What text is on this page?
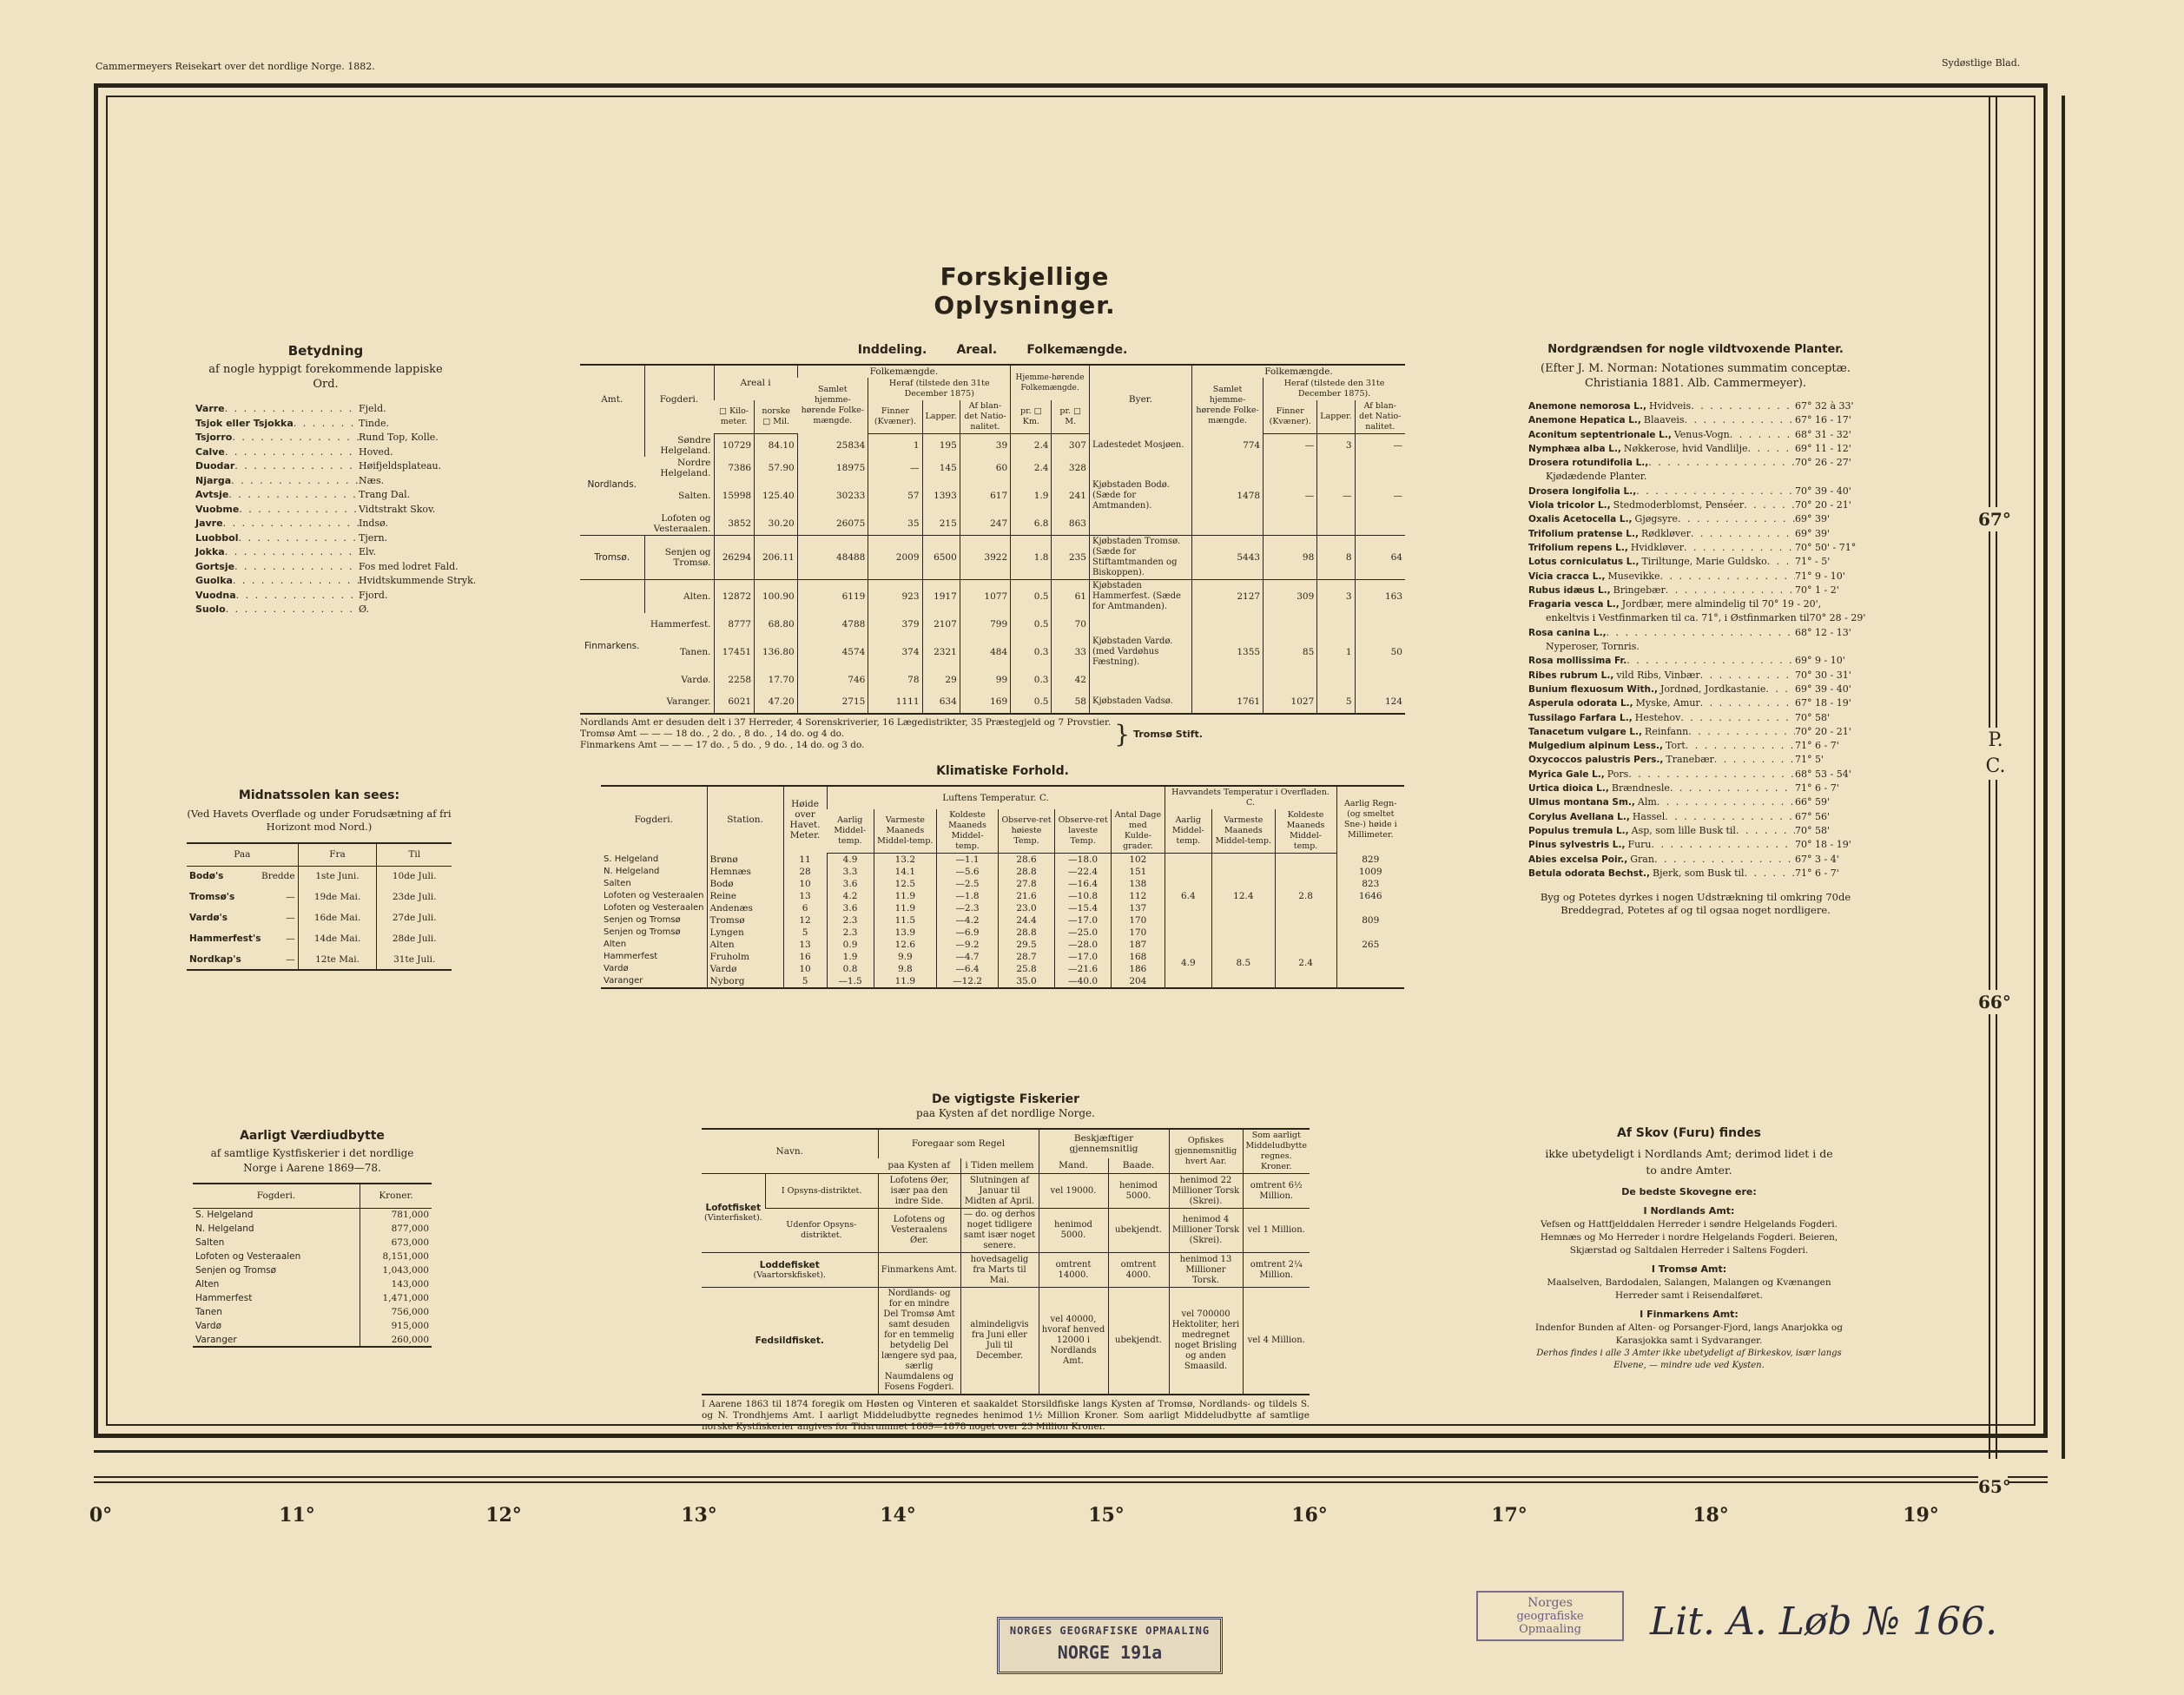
Cammermeyers Reisekart over det nordlige Norge. 1882.	Sydøstlige Blad.
0°	11°	12°	13°	14°	15°	16°	17°	18°	19°
67°
66°
65°
P.
C.
Forskjellige Oplysninger.
Betydning
af nogle hyppigt forekommende lappiske Ord.
Varre . . .	Fjeld.
Tsjok eller Tsjokka . . .	Tinde.
Tsjorro . . .	Rund Top, Kolle.
Calve . . .	Hoved.
Duodar . . .	Høifjeldsplateau.
Njarga . . .	Næs.
Avtsje . . .	Trang Dal.
Vuobme . . .	Vidtstrakt Skov.
Javre . . .	Indsø.
Luobbol . . .	Tjern.
Jokka . . .	Elv.
Gortsje . . .	Fos med lodret Fald.
Guolka . . .	Hvidtskummende Stryk.
Vuodna . . .	Fjord.
Suolo . . .	Ø.
Midnatssolen kan sees:
(Ved Havets Overflade og under Forudsætning af fri Horizont mod Nord.)
Paa	Fra	Til
Bodø's Bredde	1ste Juni.	10de Juli.
Tromsø's —	19de Mai.	23de Juli.
Vardø's —	16de Mai.	27de Juli.
Hammerfest's —	14de Mai.	28de Juli.
Nordkap's —	12te Mai.	31te Juli.
Aarligt Værdiudbytte
af samtlige Kystfiskerier i det nordlige Norge i Aarene 1869—78.
Fogderi.	Kroner.
S. Helgeland	781,000
N. Helgeland	877,000
Salten	673,000
Lofoten og Vesteraalen	8,151,000
Senjen og Tromsø	1,043,000
Alten	143,000
Hammerfest	1,471,000
Tanen	756,000
Vardø	915,000
Varanger	260,000
Inddeling.       Areal.       Folkemængde.
Amt.	Fogderi.	Areal i		Folkemængde.				Hjemme-hørende Folkemængde.		Byer.	Folkemængde.			
				Samlet hjemme-hørende Folke-mængde.	Heraf (tilstede den 31te December 1875)						Samlet hjemme-hørende Folke-mængde.	Heraf (tilstede den 31te December 1875).		
		□ Kilo-meter.	norske □ Mil.		Finner (Kvæner).	Lapper.	Af blan-det Natio-nalitet.	pr. □ Km.	pr. □ M.			Finner (Kvæner).	Lapper.	Af blan-det Natio-nalitet.
Nordlands.	Søndre Helgeland.	10729	84.10	25834	1	195	39	2.4	307	Ladestedet Mosjøen.	774	—	3	—
	Nordre Helgeland.	7386	57.90	18975	—	145	60	2.4	328					
	Salten.	15998	125.40	30233	57	1393	617	1.9	241	Kjøbstaden Bodø. (Sæde for Amtmanden).	1478	—	—	—
	Lofoten og Vesteraalen.	3852	30.20	26075	35	215	247	6.8	863					
Tromsø.	Senjen og Tromsø.	26294	206.11	48488	2009	6500	3922	1.8	235	Kjøbstaden Tromsø. (Sæde for Stiftamtmanden og Biskoppen).	5443	98	8	64
Finmarkens.	Alten.	12872	100.90	6119	923	1917	1077	0.5	61	Kjøbstaden Hammerfest. (Sæde for Amtmanden).	2127	309	3	163
	Hammerfest.	8777	68.80	4788	379	2107	799	0.5	70					
	Tanen.	17451	136.80	4574	374	2321	484	0.3	33	Kjøbstaden Vardø. (med Vardøhus Fæstning).	1355	85	1	50
	Vardø.	2258	17.70	746	78	29	99	0.3	42					
	Varanger.	6021	47.20	2715	1111	634	169	0.5	58	Kjøbstaden Vadsø.	1761	1027	5	124
Nordlands Amt er desuden delt i 37 Herreder, 4 Sorenskriverier, 16 Lægedistrikter, 35 Præstegjeld og 7 Provstier.
Tromsø Amt — — — 18 do. , 2 do. , 8 do. , 14 do. og 4 do.
Finmarkens Amt — — — 17 do. , 5 do. , 9 do. , 14 do. og 3 do.	} Tromsø Stift.
Klimatiske Forhold.
Fogderi.	Station.	Høide over Havet. Meter.	Luftens Temperatur. C.						Havvandets Temperatur i Overfladen. C.			Aarlig Regn- (og smeltet Sne-) høide i Millimeter.
			Aarlig Middel-temp.	Varmeste Maaneds Middel-temp.	Koldeste Maaneds Middel-temp.	Observe-ret høieste Temp.	Observe-ret laveste Temp.	Antal Dage med Kulde-grader.	Aarlig Middel-temp.	Varmeste Maaneds Middel-temp.	Koldeste Maaneds Middel-temp.	
S. Helgeland	Brønø	11	4.9	13.2	—1.1	28.6	—18.0	102	6.4	12.4	2.8	829
N. Helgeland	Hemnæs	28	3.3	14.1	—5.6	28.8	—22.4	151				1009
Salten	Bodø	10	3.6	12.5	—2.5	27.8	—16.4	138				823
Lofoten og Vesteraalen	Reine	13	4.2	11.9	—1.8	21.6	—10.8	112				1646
Lofoten og Vesteraalen	Andenæs	6	3.6	11.9	—2.3	23.0	—15.4	137				
Senjen og Tromsø	Tromsø	12	2.3	11.5	—4.2	24.4	—17.0	170				809
Senjen og Tromsø	Lyngen	5	2.3	13.9	—6.9	28.8	—25.0	170				
Alten	Alten	13	0.9	12.6	—9.2	29.5	—28.0	187	4.9	8.5	2.4	265
Hammerfest	Fruholm	16	1.9	9.9	—4.7	28.7	—17.0	168				
Vardø	Vardø	10	0.8	9.8	—6.4	25.8	—21.6	186				
Varanger	Nyborg	5	—1.5	11.9	—12.2	35.0	—40.0	204				
De vigtigste Fiskerier
paa Kysten af det nordlige Norge.
Navn.		Foregaar som Regel		Beskjæftiger gjennemsnitlig		Opfiskes gjennemsnitlig hvert Aar.	Som aarligt Middeludbytte regnes. Kroner.
		paa Kysten af	i Tiden mellem	Mand.	Baade.		

Lofotfisket
(Vinterfisket).	I Opsyns-distriktet.	Lofotens Øer, især paa den indre Side.	Slutningen af Januar til Midten af April.	vel 19000.	henimod 5000.	henimod 22 Millioner Torsk (Skrei).	omtrent 6½ Million.
	Udenfor Opsyns-distriktet.	Lofotens og Vesteraalens Øer.	— do. og derhos noget tidligere samt især noget senere.	henimod 5000.	ubekjendt.	henimod 4 Millioner Torsk (Skrei).	vel 1 Million.

Loddefisket
(Vaartorskfisket).		Finmarkens Amt.	hovedsagelig fra Marts til Mai.	omtrent 14000.	omtrent 4000.	henimod 13 Millioner Torsk.	omtrent 2¼ Million.

Fedsildfisket.		Nordlands- og for en mindre Del Tromsø Amt samt desuden for en temmelig betydelig Del længere syd paa, særlig Naumdalens og Fosens Fogderi.	almindeligvis fra Juni eller Juli til December.	vel 40000, hvoraf henved 12000 i Nordlands Amt.	ubekjendt.	vel 700000 Hektoliter, heri medregnet noget Brisling og anden Smaasild.	vel 4 Million.
I Aarene 1863 til 1874 foregik om Høsten og Vinteren et saakaldet Storsildfiske langs Kysten af Tromsø, Nordlands- og tildels S. og N. Trondhjems Amt. I aarligt Middeludbytte regnedes henimod 1½ Million Kroner. Som aarligt Middeludbytte af samtlige norske Kystfiskerier angives for Tidsrummet 1869—1878 noget over 23 Million Kroner.
Nordgrændsen for nogle vildtvoxende Planter.
(Efter J. M. Norman: Notationes summatim conceptæ.
Christiania 1881. Alb. Cammermeyer).
Anemone nemorosa L., Hvidveis . . .	67° 32 à 33'
Anemone Hepatica L., Blaaveis . . .	67° 16 - 17'
Aconitum septentrionale L., Venus-Vogn . . .	68° 31 - 32'
Nymphæa alba L., Nøkkerose, hvid Vandlilje . . .	69° 11 - 12'
Drosera rotundifolia L., . . .	70° 26 - 27'
Kjødædende Planter.
Drosera longifolia L., . . .	70° 39 - 40'
Viola tricolor L., Stedmoderblomst, Penséer . . .	70° 20 - 21'
Oxalis Acetocella L., Gjøgsyre . . .	69° 39'
Trifolium pratense L., Rødkløver . . .	69° 39'
Trifolium repens L., Hvidkløver . . .	70° 50' - 71°
Lotus corniculatus L., Tiriltunge, Marie Guldsko . . .	71° - 5'
Vicia cracca L., Musevikke . . .	71° 9 - 10'
Rubus idæus L., Bringebær . . .	70° 1 - 2'
Fragaria vesca L., Jordbær, mere almindelig til 70° 19 - 20',
enkeltvis i Vestfinmarken til ca. 71°, i Østfinmarken til 70° 28 - 29'
Rosa canina L., . . .	68° 12 - 13'
Nyperoser, Tornris.
Rosa mollissima Fr. . . .	69° 9 - 10'
Ribes rubrum L., vild Ribs, Vinbær . . .	70° 30 - 31'
Bunium flexuosum With., Jordnød, Jordkastanie . . .	69° 39 - 40'
Asperula odorata L., Myske, Amur . . .	67° 18 - 19'
Tussilago Farfara L., Hestehov . . .	70° 58'
Tanacetum vulgare L., Reinfann . . .	70° 20 - 21'
Mulgedium alpinum Less., Tort . . .	71° 6 - 7'
Oxycoccos palustris Pers., Tranebær . . .	71° 5'
Myrica Gale L., Pors . . .	68° 53 - 54'
Urtica dioica L., Brændnesle . . .	71° 6 - 7'
Ulmus montana Sm., Alm . . .	66° 59'
Corylus Avellana L., Hassel . . .	67° 56'
Populus tremula L., Asp, som lille Busk til . . .	70° 58'
Pinus sylvestris L., Furu . . .	70° 18 - 19'
Abies excelsa Poir., Gran . . .	67° 3 - 4'
Betula odorata Bechst., Bjerk, som Busk til . . .	71° 6 - 7'
Byg og Potetes dyrkes i nogen Udstrækning til omkring 70de Breddegrad, Potetes af og til ogsaa noget nordligere.
Af Skov (Furu) findes

ikke ubetydeligt i Nordlands Amt; derimod lidet i de to andre Amter.

De bedste Skovegne ere:

I Nordlands Amt:

Vefsen og Hattfjelddalen Herreder i søndre Helgelands Fogderi. Hemnæs og Mo Herreder i nordre Helgelands Fogderi. Beieren, Skjærstad og Saltdalen Herreder i Saltens Fogderi.

I Tromsø Amt:

Maalselven, Bardodalen, Salangen, Malangen og Kvænangen Herreder samt i Reisendalføret.

I Finmarkens Amt:

Indenfor Bunden af Alten- og Porsanger-Fjord, langs Anarjokka og Karasjokka samt i Sydvaranger.

Derhos findes i alle 3 Amter ikke ubetydeligt af Birkeskov, især langs Elvene, — mindre ude ved Kysten.

NORGES GEOGRAFISKE OPMAALING
NORGE 191a
Norges
geografiske Opmaaling	Lit. A. Løb № 166.
